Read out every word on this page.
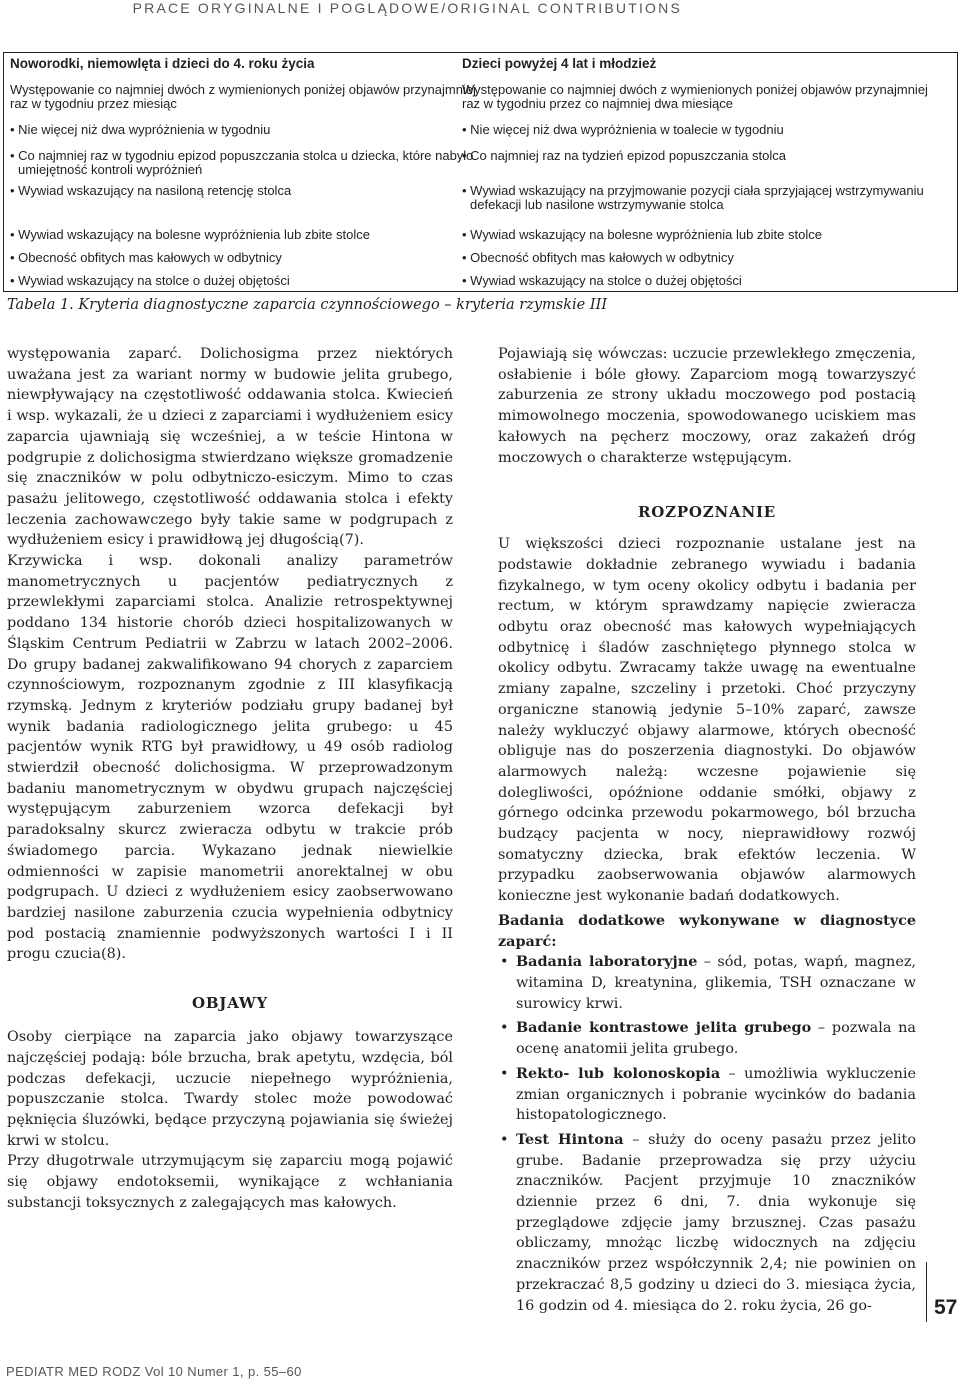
PRACE ORYGINALNE I POGLĄDOWE/ORIGINAL CONTRIBUTIONS
Noworodki, niemowlęta i dzieci do 4. roku życia
Występowanie co najmniej dwóch z wymienionych poniżej objawów przynajmniej
raz w tygodniu przez miesiąc
• Nie więcej niż dwa wypróżnienia w tygodniu
• Co najmniej raz w tygodniu epizod popuszczania stolca u dziecka, które nabyło
umiejętność kontroli wypróżnień
• Wywiad wskazujący na nasiloną retencję stolca
• Wywiad wskazujący na bolesne wypróżnienia lub zbite stolce
• Obecność obfitych mas kałowych w odbytnicy
• Wywiad wskazujący na stolce o dużej objętości
Dzieci powyżej 4 lat i młodzież
Występowanie co najmniej dwóch z wymienionych poniżej objawów przynajmniej
raz w tygodniu przez co najmniej dwa miesiące
• Nie więcej niż dwa wypróżnienia w toalecie w tygodniu
• Co najmniej raz na tydzień epizod popuszczania stolca
• Wywiad wskazujący na przyjmowanie pozycji ciała sprzyjającej wstrzymywaniu
defekacji lub nasilone wstrzymywanie stolca
• Wywiad wskazujący na bolesne wypróżnienia lub zbite stolce
• Obecność obfitych mas kałowych w odbytnicy
• Wywiad wskazujący na stolce o dużej objętości
Tabela 1. Kryteria diagnostyczne zaparcia czynnościowego – kryteria rzymskie III

występowania zaparć. Dolichosigma przez niektórych uważana jest za wariant normy w budowie jelita grubego, niewpływający na częstotliwość oddawania stolca. Kwiecień i wsp. wykazali, że u dzieci z zaparciami i wydłużeniem esicy zaparcia ujawniają się wcześniej, a w teście Hintona w podgrupie z dolichosigma stwierdzano większe gromadzenie się znaczników w polu odbytniczo-esiczym. Mimo to czas pasażu jelitowego, częstotliwość oddawania stolca i efekty leczenia zachowawczego były takie same w podgrupach z wydłużeniem esicy i prawidłową jej długością(7).

Krzywicka i wsp. dokonali analizy parametrów manometrycznych u pacjentów pediatrycznych z przewlekłymi zaparciami stolca. Analizie retrospektywnej poddano 134 historie chorób dzieci hospitalizowanych w Śląskim Centrum Pediatrii w Zabrzu w latach 2002–2006. Do grupy badanej zakwalifikowano 94 chorych z zaparciem czynnościowym, rozpoznanym zgodnie z III klasyfikacją rzymską. Jednym z kryteriów podziału grupy badanej był wynik badania radiologicznego jelita grubego: u 45 pacjentów wynik RTG był prawidłowy, u 49 osób radiolog stwierdził obecność dolichosigma. W przeprowadzonym badaniu manometrycznym w obydwu grupach najczęściej występującym zaburzeniem wzorca defekacji był paradoksalny skurcz zwieracza odbytu w trakcie prób świadomego parcia. Wykazano jednak niewielkie odmienności w zapisie manometrii anorektalnej w obu podgrupach. U dzieci z wydłużeniem esicy zaobserwowano bardziej nasilone zaburzenia czucia wypełnienia odbytnicy pod postacią znamiennie podwyższonych wartości I i II progu czucia(8).

OBJAWY

Osoby cierpiące na zaparcia jako objawy towarzyszące najczęściej podają: bóle brzucha, brak apetytu, wzdęcia, ból podczas defekacji, uczucie niepełnego wypróżnienia, popuszczanie stolca. Twardy stolec może powodować pęknięcia śluzówki, będące przyczyną pojawiania się świeżej krwi w stolcu.

Przy długotrwale utrzymującym się zaparciu mogą pojawić się objawy endotoksemii, wynikające z wchłaniania substancji toksycznych z zalegających mas kałowych.

Pojawiają się wówczas: uczucie przewlekłego zmęczenia, osłabienie i bóle głowy. Zaparciom mogą towarzyszyć zaburzenia ze strony układu moczowego pod postacią mimowolnego moczenia, spowodowanego uciskiem mas kałowych na pęcherz moczowy, oraz zakażeń dróg moczowych o charakterze wstępującym.

ROZPOZNANIE

U większości dzieci rozpoznanie ustalane jest na podstawie dokładnie zebranego wywiadu i badania fizykalnego, w tym oceny okolicy odbytu i badania per rectum, w którym sprawdzamy napięcie zwieracza odbytu oraz obecność mas kałowych wypełniających odbytnicę i śladów zaschniętego płynnego stolca w okolicy odbytu. Zwracamy także uwagę na ewentualne zmiany zapalne, szczeliny i przetoki. Choć przyczyny organiczne stanowią jedynie 5–10% zaparć, zawsze należy wykluczyć objawy alarmowe, których obecność obliguje nas do poszerzenia diagnostyki. Do objawów alarmowych należą: wczesne pojawienie się dolegliwości, opóźnione oddanie smółki, objawy z górnego odcinka przewodu pokarmowego, ból brzucha budzący pacjenta w nocy, nieprawidłowy rozwój somatyczny dziecka, brak efektów leczenia. W przypadku zaobserwowania objawów alarmowych konieczne jest wykonanie badań dodatkowych.

Badania dodatkowe wykonywane w diagnostyce zaparć:

• Badania laboratoryjne – sód, potas, wapń, magnez, witamina D, kreatynina, glikemia, TSH oznaczane w surowicy krwi.
• Badanie kontrastowe jelita grubego – pozwala na ocenę anatomii jelita grubego.
• Rekto- lub kolonoskopia – umożliwia wykluczenie zmian organicznych i pobranie wycinków do badania histopatologicznego.
• Test Hintona – służy do oceny pasażu przez jelito grube. Badanie przeprowadza się przy użyciu znaczników. Pacjent przyjmuje 10 znaczników dziennie przez 6 dni, 7. dnia wykonuje się przeglądowe zdjęcie jamy brzusznej. Czas pasażu obliczamy, mnożąc liczbę widocznych na zdjęciu znaczników przez współczynnik 2,4; nie powinien on przekraczać 8,5 godziny u dzieci do 3. miesiąca życia, 16 godzin od 4. miesiąca do 2. roku życia, 26 go-	57
PEDIATR MED RODZ Vol 10 Numer 1, p. 55–60
